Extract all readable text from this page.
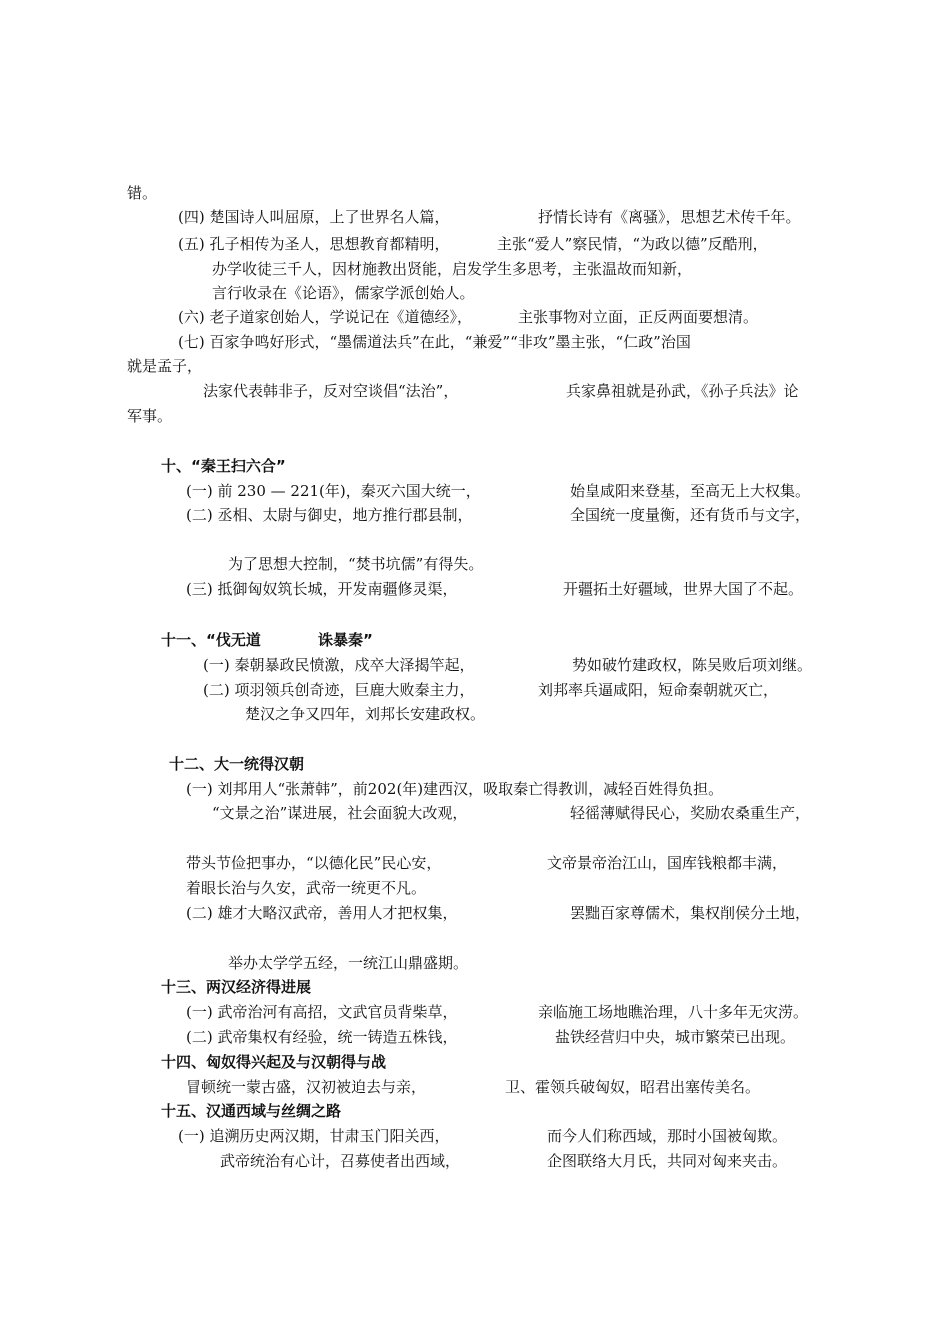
错。
(四) 楚国诗人叫屈原，上了世界名人篇，	抒情长诗有《离骚》，思想艺术传千年。
(五) 孔子相传为圣人，思想教育都精明，	主张“爱人”察民情，“为政以德”反酷刑，
办学收徒三千人，因材施教出贤能，启发学生多思考，主张温故而知新，
言行收录在《论语》，儒家学派创始人。
(六) 老子道家创始人，学说记在《道德经》，	主张事物对立面，正反两面要想清。
(七) 百家争鸣好形式，“墨儒道法兵”在此，“兼爱”“非攻”墨主张，“仁政”治国
就是孟子，
法家代表韩非子，反对空谈倡“法治”，	兵家鼻祖就是孙武，《孙子兵法》论
军事。
十、“秦王扫六合”
(一) 前 230 — 221(年)，秦灭六国大统一，	始皇咸阳来登基，至高无上大权集。
(二) 丞相、太尉与御史，地方推行郡县制，	全国统一度量衡，还有货币与文字，
为了思想大控制，“焚书坑儒”有得失。
(三) 抵御匈奴筑长城，开发南疆修灵渠，	开疆拓土好疆域，世界大国了不起。
十一、“伐无道	诛暴秦”
(一) 秦朝暴政民愤激，戍卒大泽揭竿起，	势如破竹建政权，陈吴败后项刘继。
(二) 项羽领兵创奇迹，巨鹿大败秦主力，	刘邦率兵逼咸阳，短命秦朝就灭亡，
楚汉之争又四年，刘邦长安建政权。
十二、大一统得汉朝
(一) 刘邦用人“张萧韩”，前202(年)建西汉，吸取秦亡得教训，减轻百姓得负担。
“文景之治”谋进展，社会面貌大改观，	轻徭薄赋得民心，奖励农桑重生产，
带头节俭把事办，“以德化民”民心安，	文帝景帝治江山，国库钱粮都丰满，
着眼长治与久安，武帝一统更不凡。
(二) 雄才大略汉武帝，善用人才把权集，	罢黜百家尊儒术，集权削侯分土地，
举办太学学五经，一统江山鼎盛期。
十三、两汉经济得进展
(一) 武帝治河有高招，文武官员背柴草，	亲临施工场地瞧治理，八十多年无灾涝。
(二) 武帝集权有经验，统一铸造五株钱，	盐铁经营归中央，城市繁荣已出现。
十四、匈奴得兴起及与汉朝得与战
冒顿统一蒙古盛，汉初被迫去与亲，	卫、霍领兵破匈奴，昭君出塞传美名。
十五、汉通西域与丝绸之路
(一) 追溯历史两汉期，甘肃玉门阳关西，	而今人们称西域，那时小国被匈欺。
武帝统治有心计，召募使者出西域，	企图联络大月氏，共同对匈来夹击。
